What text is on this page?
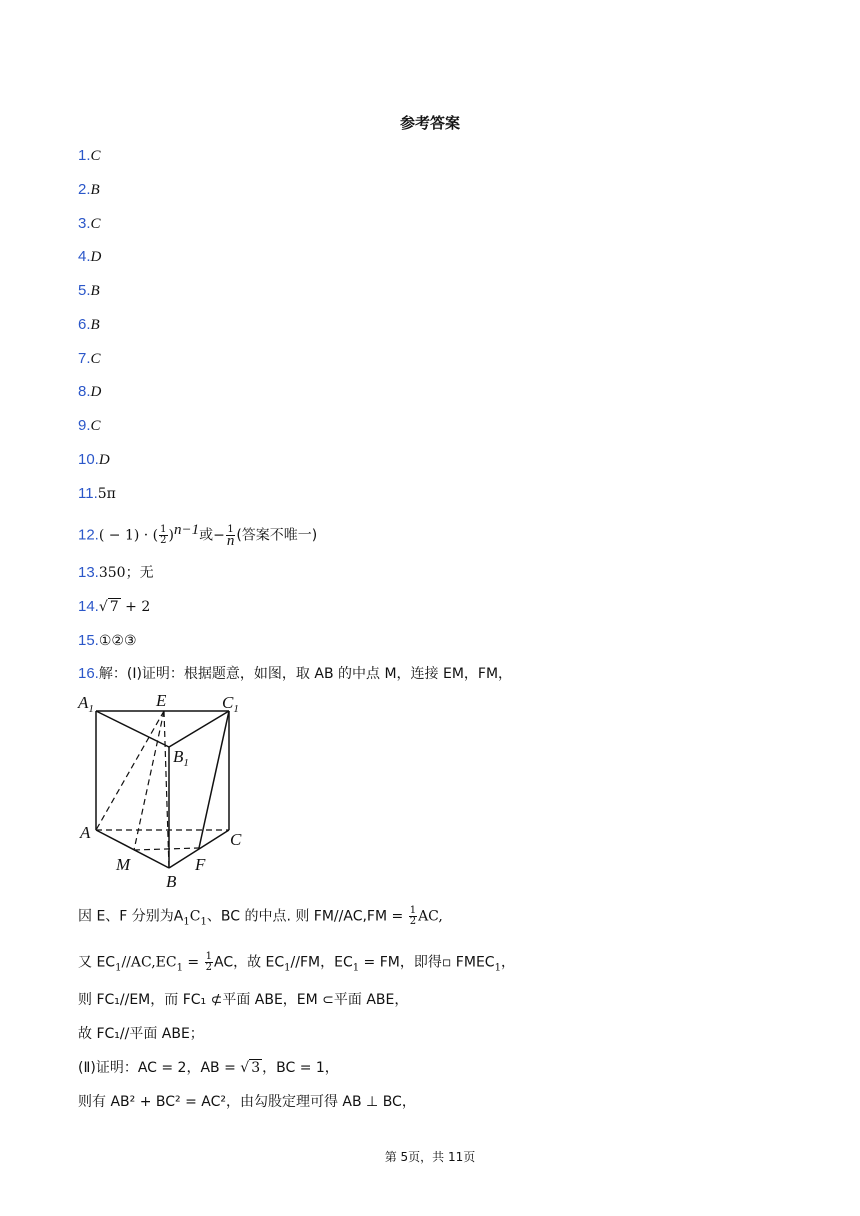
参考答案
1.C
2.B
3.C
4.D
5.B
6.B
7.C
8.D
9.C
10.D
11.5π
12.( − 1) · ( $\frac{1}{2} )^{n-1}$或− $\frac{1}{n}$ (答案不唯一)
13.350；无
14.√ 7 + 2
15.①②③
16.解：(Ⅰ)证明：根据题意，如图，取 AB 的中点 M，连接 EM，FM，
$A_1$	E	$C_1$
$B_1$
A	C
M	F
B
因 E、F 分别为$A_1C_1$、BC 的中点. 则 $FM//AC,FM = \frac{1}{2}$ AC,
又 $EC_1//AC,EC_1 = \frac{1}{2}$ AC，故 $EC_1//FM$，$EC_1$ = FM，即得▫ $FMEC_1$，
则 FC₁//EM，而 FC₁ ⊄平面 ABE，EM ⊂平面 ABE，
故 FC₁//平面 ABE；
(Ⅱ)证明：AC = 2，AB = √ 3 ，BC = 1，
则有 AB² + BC² = AC²，由勾股定理可得 AB ⊥ BC，
第 5页，共 11页
